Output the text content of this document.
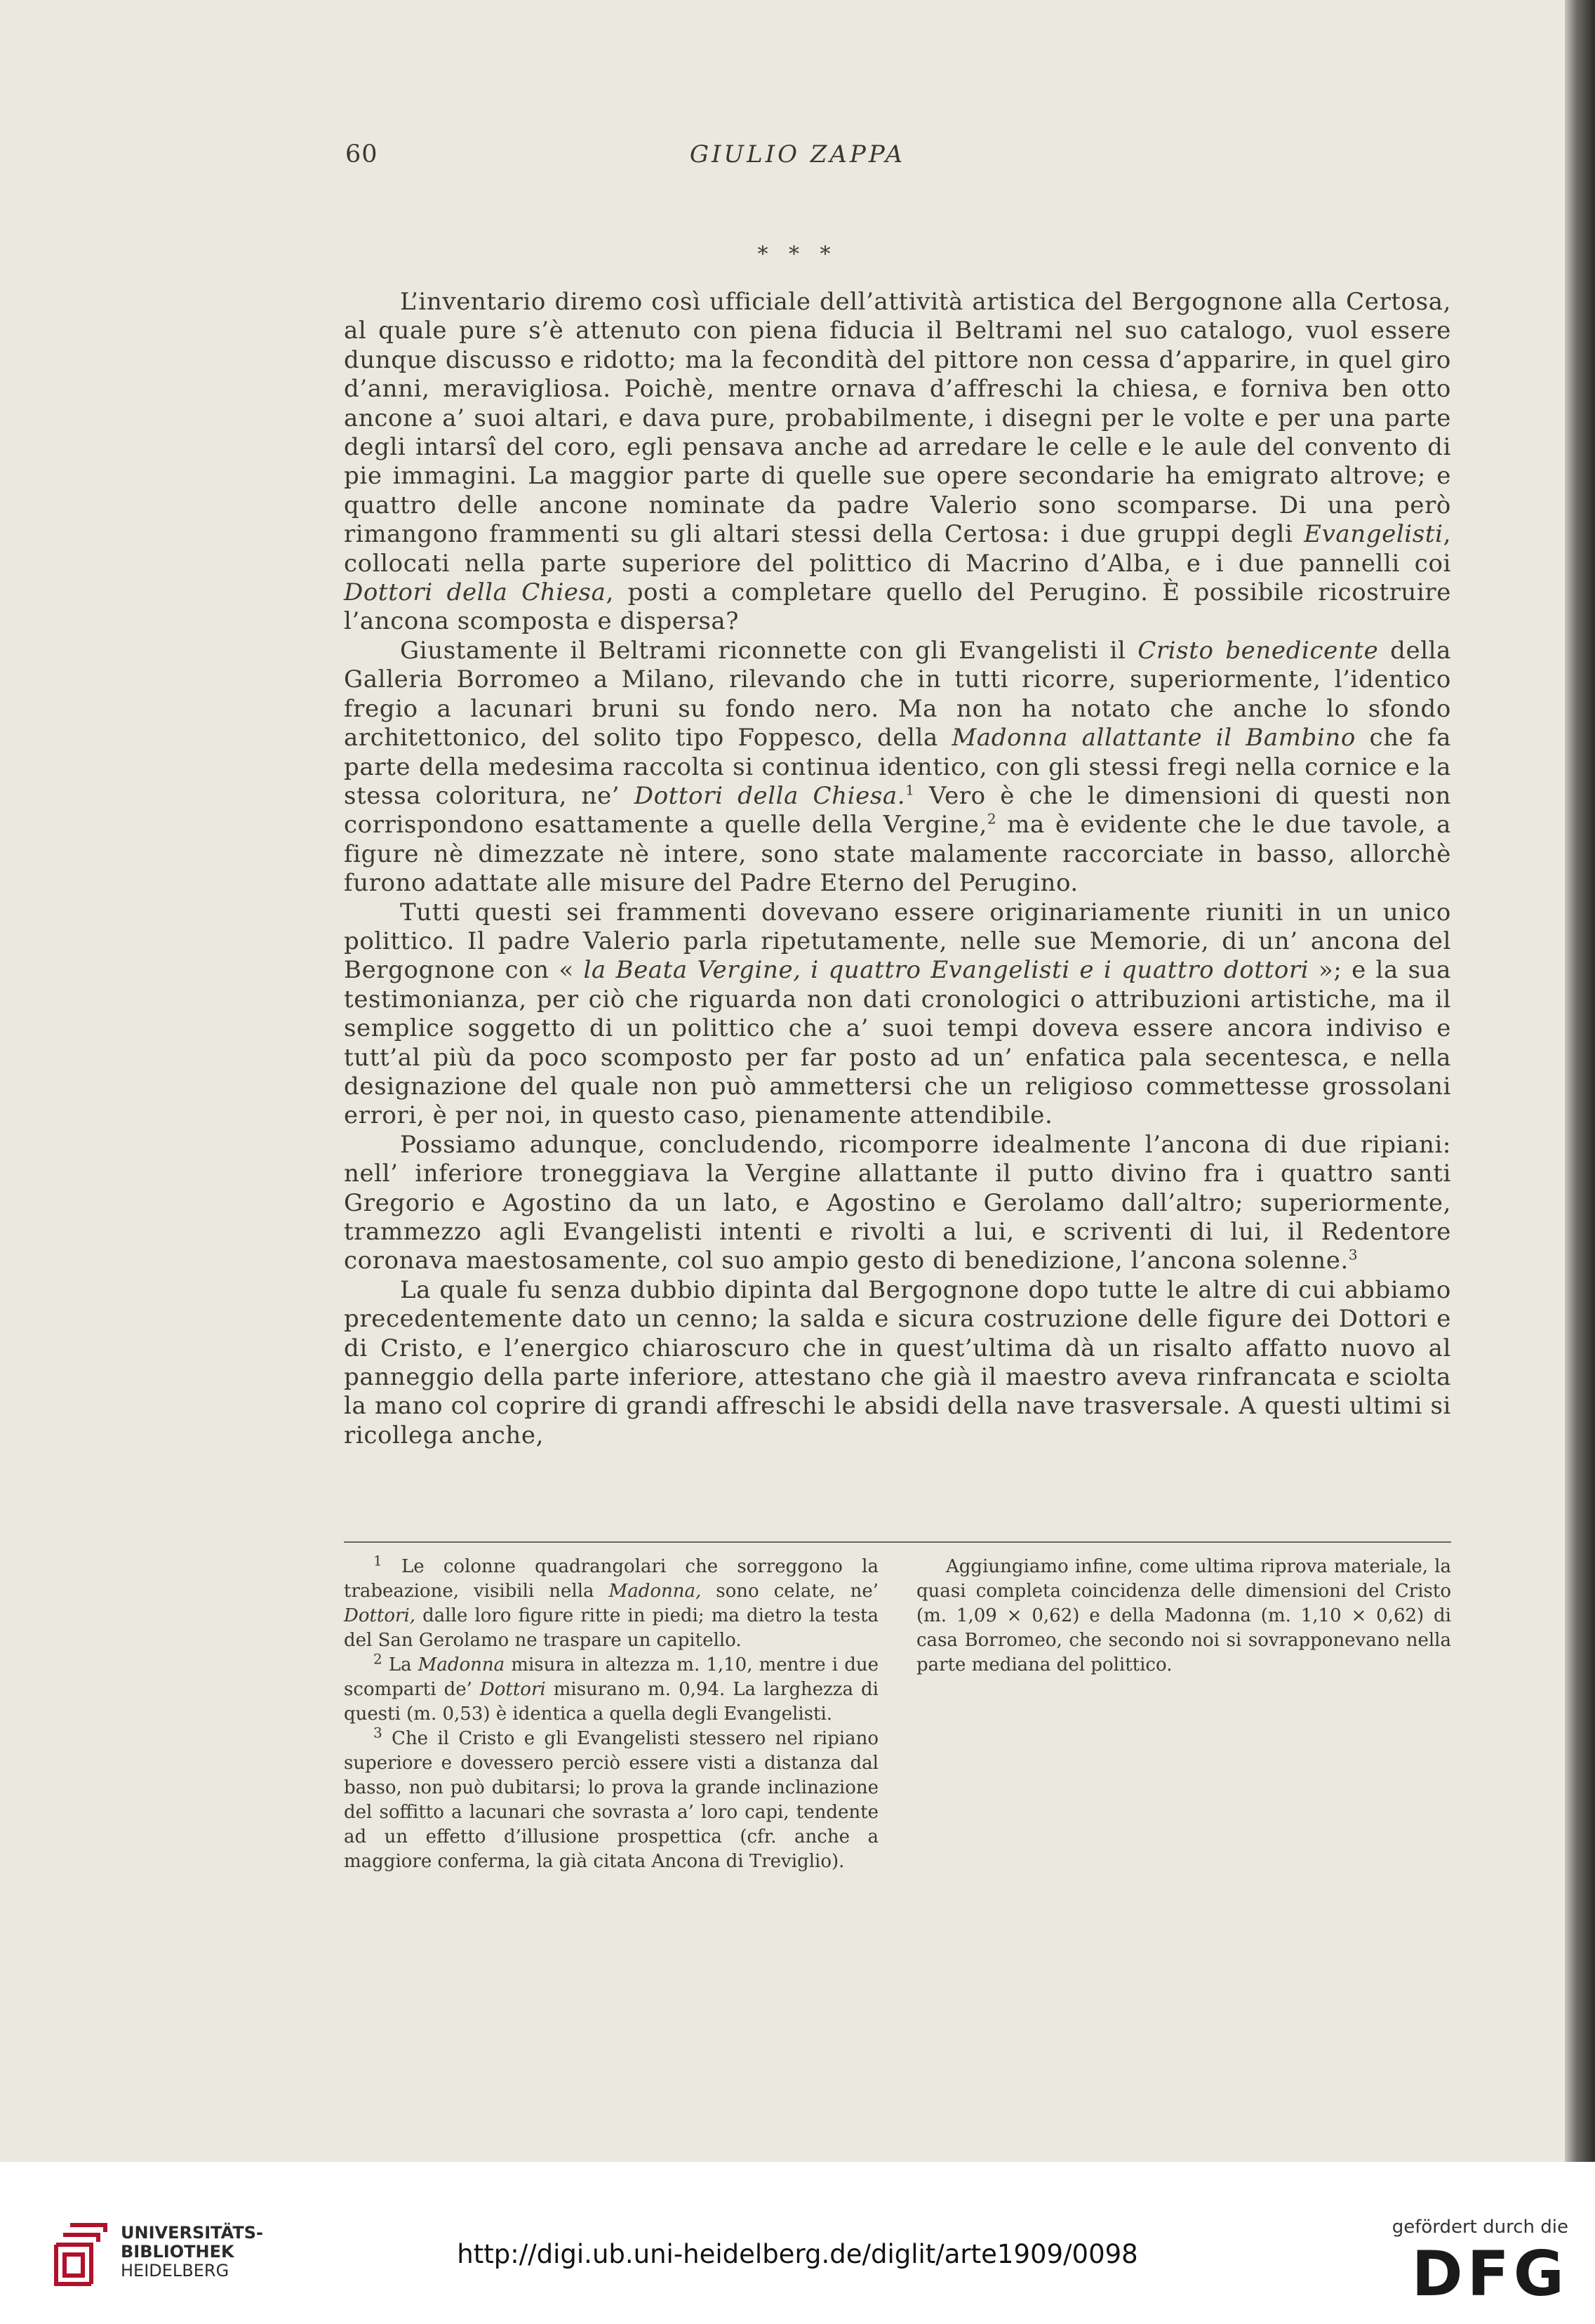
60	GIULIO ZAPPA
* * *

L’inventario diremo così ufficiale dell’attività artistica del Bergognone alla Certosa, al quale pure s’è attenuto con piena fiducia il Beltrami nel suo catalogo, vuol essere dunque discusso e ridotto; ma la fecondità del pittore non cessa d’apparire, in quel giro d’anni, meravigliosa. Poichè, mentre ornava d’affreschi la chiesa, e forniva ben otto ancone a’ suoi altari, e dava pure, probabilmente, i disegni per le volte e per una parte degli intarsî del coro, egli pensava anche ad arredare le celle e le aule del convento di pie immagini. La maggior parte di quelle sue opere secondarie ha emigrato altrove; e quattro delle ancone nominate da padre Valerio sono scomparse. Di una però rimangono frammenti su gli altari stessi della Certosa: i due gruppi degli Evangelisti, collocati nella parte superiore del polittico di Macrino d’Alba, e i due pannelli coi Dottori della Chiesa, posti a completare quello del Perugino. È possibile ricostruire l’ancona scomposta e dispersa?

Giustamente il Beltrami riconnette con gli Evangelisti il Cristo benedicente della Galleria Borromeo a Milano, rilevando che in tutti ricorre, superiormente, l’identico fregio a lacunari bruni su fondo nero. Ma non ha notato che anche lo sfondo architettonico, del solito tipo Foppesco, della Madonna allattante il Bambino che fa parte della medesima raccolta si continua identico, con gli stessi fregi nella cornice e la stessa coloritura, ne’ Dottori della Chiesa.$^1$ Vero è che le dimensioni di questi non corrispondono esattamente a quelle della Vergine,$^2$ ma è evidente che le due tavole, a figure nè dimezzate nè intere, sono state malamente raccorciate in basso, allorchè furono adattate alle misure del Padre Eterno del Perugino.

Tutti questi sei frammenti dovevano essere originariamente riuniti in un unico polittico. Il padre Valerio parla ripetutamente, nelle sue Memorie, di un’ ancona del Bergognone con « la Beata Vergine, i quattro Evangelisti e i quattro dottori »; e la sua testimonianza, per ciò che riguarda non dati cronologici o attribuzioni artistiche, ma il semplice soggetto di un polittico che a’ suoi tempi doveva essere ancora indiviso e tutt’al più da poco scomposto per far posto ad un’ enfatica pala secentesca, e nella designazione del quale non può ammettersi che un religioso commettesse grossolani errori, è per noi, in questo caso, pienamente attendibile.

Possiamo adunque, concludendo, ricomporre idealmente l’ancona di due ripiani: nell’ inferiore troneggiava la Vergine allattante il putto divino fra i quattro santi Gregorio e Agostino da un lato, e Agostino e Gerolamo dall’altro; superiormente, trammezzo agli Evangelisti intenti e rivolti a lui, e scriventi di lui, il Redentore coronava maestosamente, col suo ampio gesto di benedizione, l’ancona solenne.$^3$

La quale fu senza dubbio dipinta dal Bergognone dopo tutte le altre di cui abbiamo precedentemente dato un cenno; la salda e sicura costruzione delle figure dei Dottori e di Cristo, e l’energico chiaroscuro che in quest’ultima dà un risalto affatto nuovo al panneggio della parte inferiore, attestano che già il maestro aveva rinfrancata e sciolta la mano col coprire di grandi affreschi le absidi della nave trasversale. A questi ultimi si ricollega anche,

$^1$ Le colonne quadrangolari che sorreggono la trabeazione, visibili nella Madonna, sono celate, ne’ Dottori, dalle loro figure ritte in piedi; ma dietro la testa del San Gerolamo ne traspare un capitello.

$^2$ La Madonna misura in altezza m. 1,10, mentre i due scomparti de’ Dottori misurano m. 0,94. La larghezza di questi (m. 0,53) è identica a quella degli Evangelisti.

$^3$ Che il Cristo e gli Evangelisti stessero nel ripiano superiore e dovessero perciò essere visti a distanza dal basso, non può dubitarsi; lo prova la grande inclinazione del soffitto a lacunari che sovrasta a’ loro capi, tendente ad un effetto d’illusione prospettica (cfr. anche a maggiore conferma, la già citata Ancona di Treviglio).

Aggiungiamo infine, come ultima riprova materiale, la quasi completa coincidenza delle dimensioni del Cristo (m. 1,09 × 0,62) e della Madonna (m. 1,10 × 0,62) di casa Borromeo, che secondo noi si sovrapponevano nella parte mediana del polittico.

UNIVERSITÄTS-
BIBLIOTHEK
HEIDELBERG
http://digi.ub.uni-heidelberg.de/diglit/arte1909/0098
gefördert durch die
DFG
